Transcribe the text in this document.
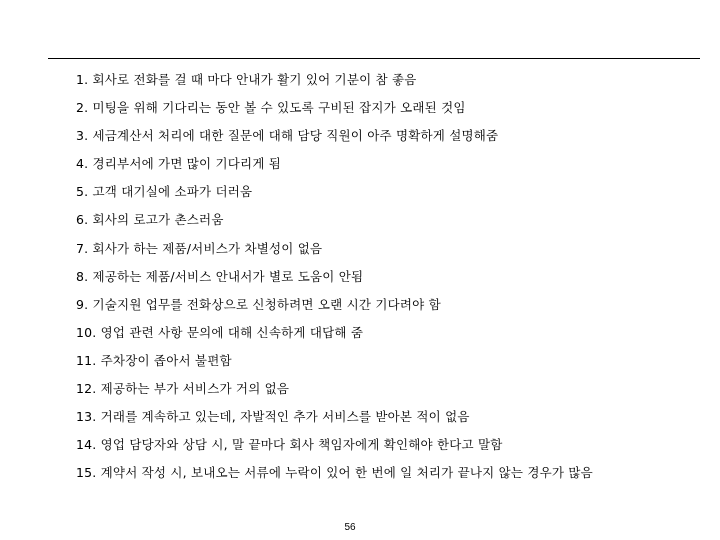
1. 회사로 전화를 걸 때 마다 안내가 활기 있어 기분이 참 좋음
2. 미팅을 위해 기다리는 동안 볼 수 있도록 구비된 잡지가 오래된 것임
3. 세금계산서 처리에 대한 질문에 대해 담당 직원이 아주 명확하게 설명해줌
4. 경리부서에 가면 많이 기다리게 됨
5. 고객 대기실에 소파가 더러움
6. 회사의 로고가 촌스러움
7. 회사가 하는 제품/서비스가 차별성이 없음
8. 제공하는 제품/서비스 안내서가 별로 도움이 안됨
9. 기술지원 업무를 전화상으로 신청하려면 오랜 시간 기다려야 함
10. 영업 관련 사항 문의에 대해 신속하게 대답해 줌
11. 주차장이 좁아서 불편함
12. 제공하는 부가 서비스가 거의 없음
13. 거래를 계속하고 있는데, 자발적인 추가 서비스를 받아본 적이 없음
14. 영업 담당자와 상담 시, 말 끝마다 회사 책임자에게 확인해야 한다고 말함
15. 계약서 작성 시, 보내오는 서류에 누락이 있어 한 번에 일 처리가 끝나지 않는 경우가 많음
56
